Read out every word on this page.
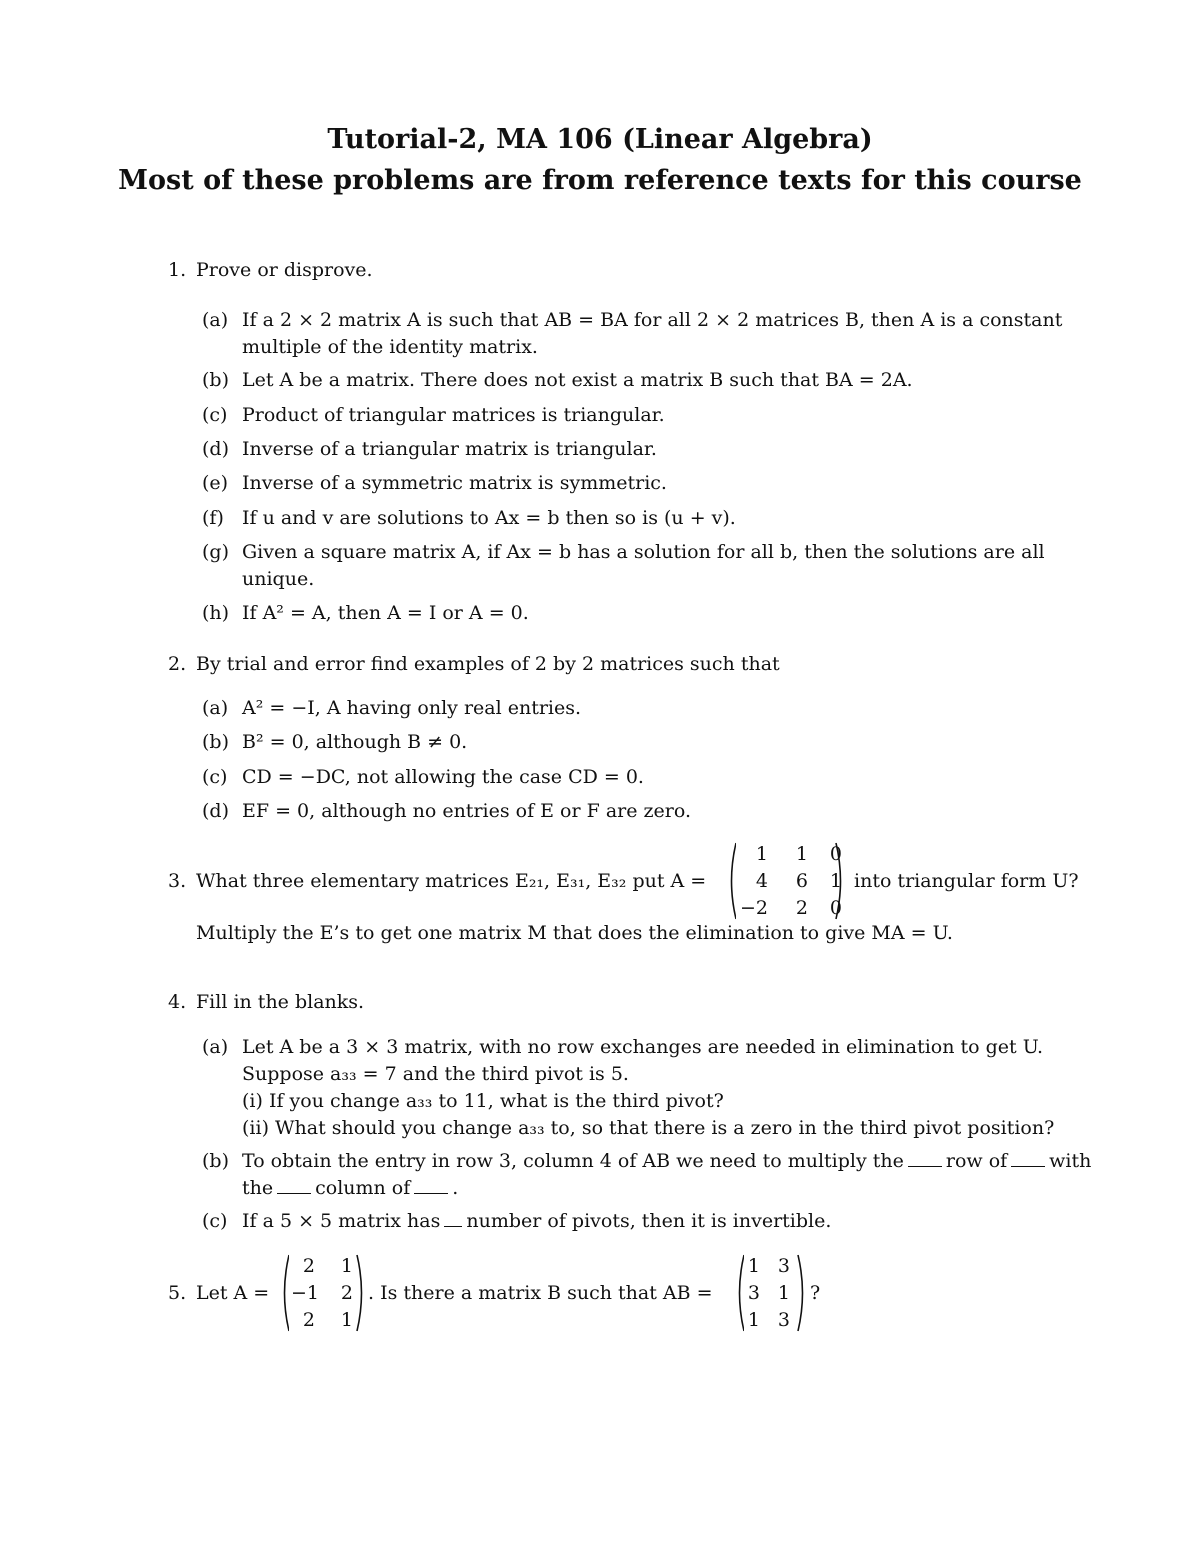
Tutorial-2, MA 106 (Linear Algebra)
Most of these problems are from reference texts for this course
1. Prove or disprove.
(a) If a 2 × 2 matrix A is such that AB = BA for all 2 × 2 matrices B, then A is a constant
multiple of the identity matrix.
(b) Let A be a matrix. There does not exist a matrix B such that BA = 2A.
(c) Product of triangular matrices is triangular.
(d) Inverse of a triangular matrix is triangular.
(e) Inverse of a symmetric matrix is symmetric.
(f) If u and v are solutions to Ax = b then so is (u + v).
(g) Given a square matrix A, if Ax = b has a solution for all b, then the solutions are all
unique.
(h) If A² = A, then A = I or A = 0.
2. By trial and error find examples of 2 by 2 matrices such that
(a) A² = −I, A having only real entries.
(b) B² = 0, although B ≠ 0.
(c) CD = −DC, not allowing the case CD = 0.
(d) EF = 0, although no entries of E or F are zero.
3. What three elementary matrices E₂₁, E₃₁, E₃₂ put A =
1	1	0
4	6	1
−2	2	0
into triangular form U?
Multiply the E’s to get one matrix M that does the elimination to give MA = U.
4. Fill in the blanks.
(a) Let A be a 3 × 3 matrix, with no row exchanges are needed in elimination to get U.
Suppose a₃₃ = 7 and the third pivot is 5.
(i) If you change a₃₃ to 11, what is the third pivot?
(ii) What should you change a₃₃ to, so that there is a zero in the third pivot position?
(b) To obtain the entry in row 3, column 4 of AB we need to multiply the row of with
the column of .
(c) If a 5 × 5 matrix has number of pivots, then it is invertible.
5. Let A =
2	1
−1	2
2	1
. Is there a matrix B such that AB =
1 3
3 1
1 3
?
